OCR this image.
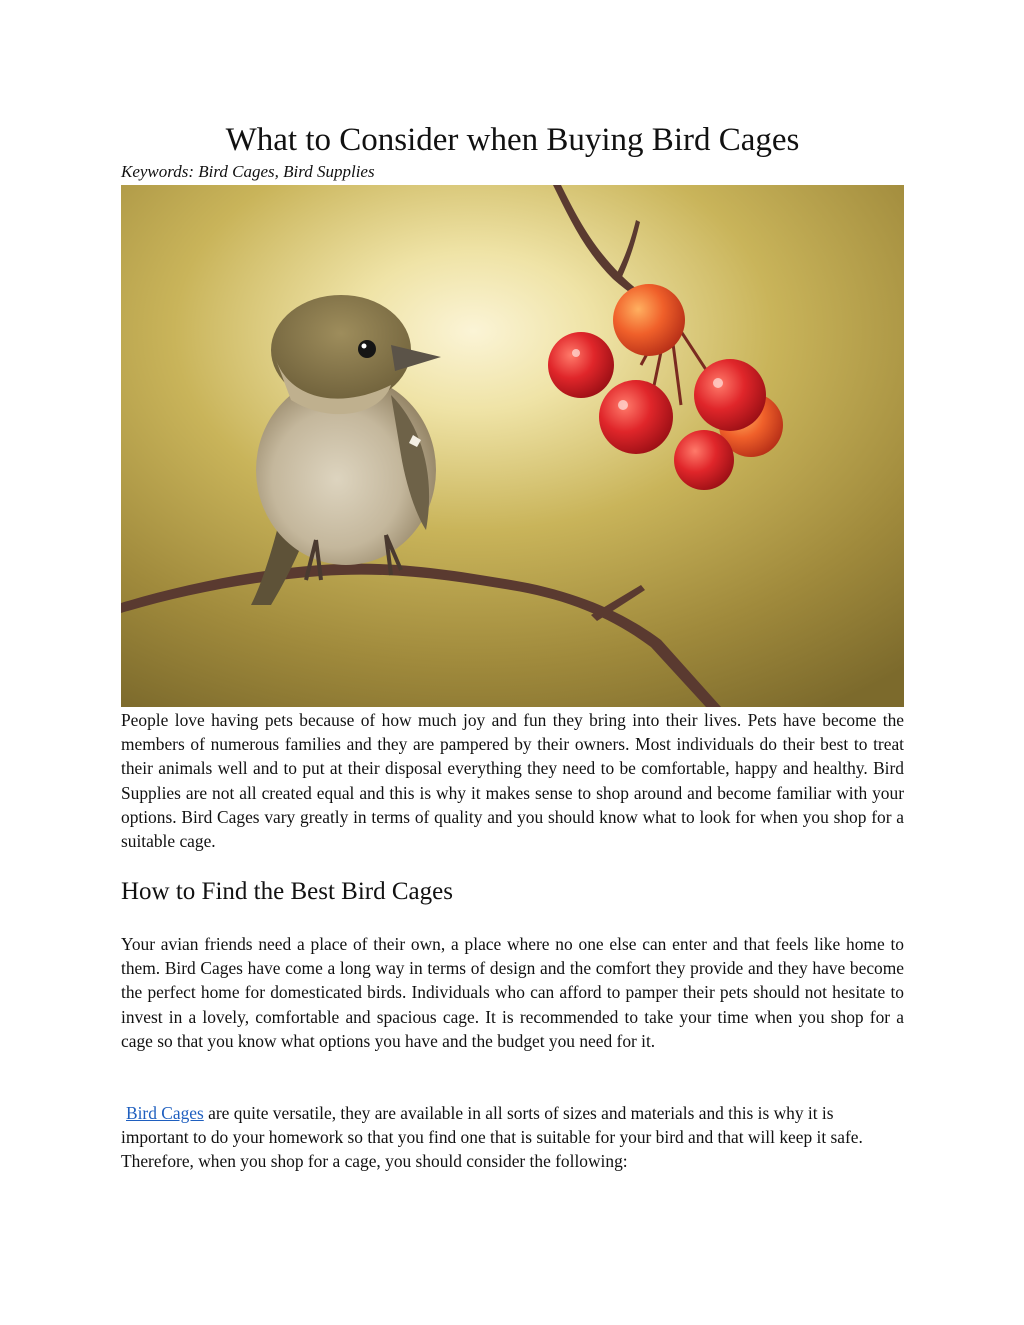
What to Consider when Buying Bird Cages
Keywords: Bird Cages, Bird Supplies

People love having pets because of how much joy and fun they bring into their lives. Pets have become the members of numerous families and they are pampered by their owners. Most individuals do their best to treat their animals well and to put at their disposal everything they need to be comfortable, happy and healthy. Bird Supplies are not all created equal and this is why it makes sense to shop around and become familiar with your options. Bird Cages vary greatly in terms of quality and you should know what to look for when you shop for a suitable cage.

How to Find the Best Bird Cages

Your avian friends need a place of their own, a place where no one else can enter and that feels like home to them. Bird Cages have come a long way in terms of design and the comfort they provide and they have become the perfect home for domesticated birds. Individuals who can afford to pamper their pets should not hesitate to invest in a lovely, comfortable and spacious cage. It is recommended to take your time when you shop for a cage so that you know what options you have and the budget you need for it.

Bird Cages are quite versatile, they are available in all sorts of sizes and materials and this is why it is important to do your homework so that you find one that is suitable for your bird and that will keep it safe. Therefore, when you shop for a cage, you should consider the following:
